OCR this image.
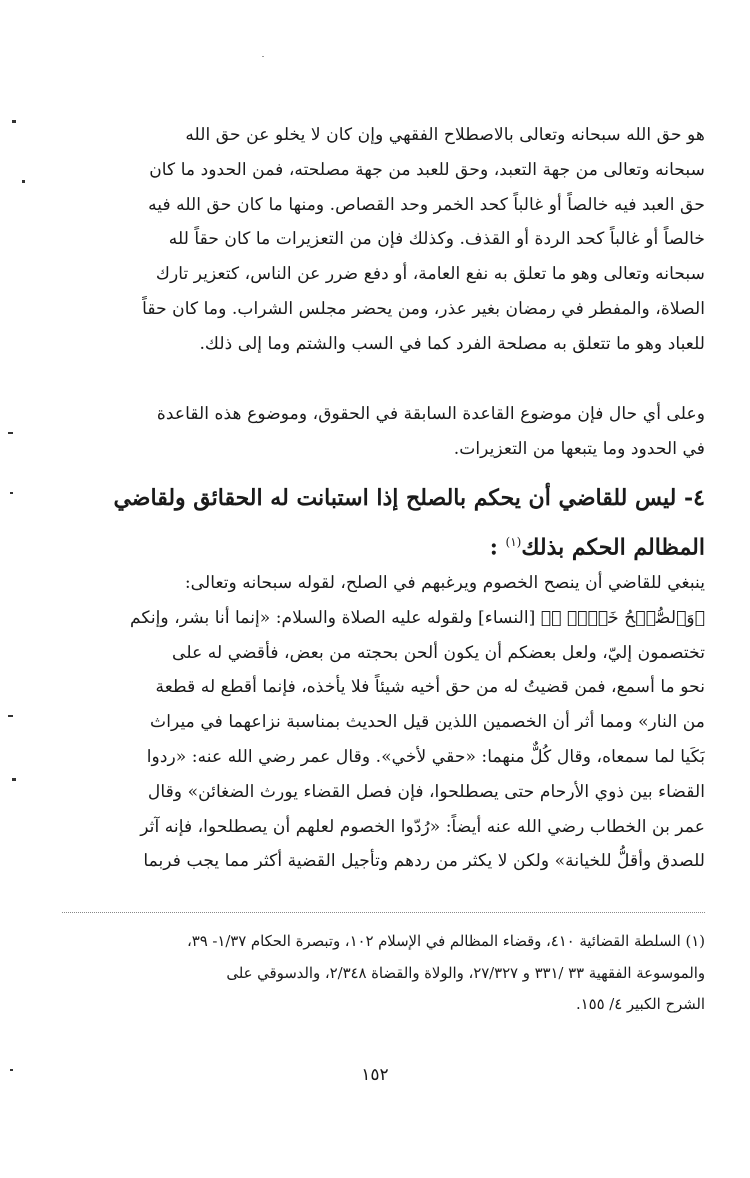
هو حق الله سبحانه وتعالى بالاصطلاح الفقهي وإن كان لا يخلو عن حق الله
سبحانه وتعالى من جهة التعبد، وحق للعبد من جهة مصلحته، فمن الحدود ما كان
حق العبد فيه خالصاً أو غالباً كحد الخمر وحد القصاص. ومنها ما كان حق الله فيه
خالصاً أو غالباً كحد الردة أو القذف. وكذلك فإن من التعزيرات ما كان حقاً لله
سبحانه وتعالى وهو ما تعلق به نفع العامة، أو دفع ضرر عن الناس، كتعزير تارك
الصلاة، والمفطر في رمضان بغير عذر، ومن يحضر مجلس الشراب. وما كان حقاً
للعباد وهو ما تتعلق به مصلحة الفرد كما في السب والشتم وما إلى ذلك.
وعلى أي حال فإن موضوع القاعدة السابقة في الحقوق، وموضوع هذه القاعدة
في الحدود وما يتبعها من التعزيرات.
٤- ليس للقاضي أن يحكم بالصلح إذا استبانت له الحقائق ولقاضي
المظالم الحكم بذلك$^{(١)}$ :
ينبغي للقاضي أن ينصح الخصوم ويرغبهم في الصلح، لقوله سبحانه وتعالى:
﴿وَٱلصُّلۡحُ خَيۡرٞ ۗ﴾ [النساء] ولقوله عليه الصلاة والسلام: «إنما أنا بشر، وإنكم
تختصمون إليّ، ولعل بعضكم أن يكون ألحن بحجته من بعض، فأقضي له على
نحو ما أسمع، فمن قضيتُ له من حق أخيه شيئاً فلا يأخذه، فإنما أقطع له قطعة
من النار» ومما أثر أن الخصمين اللذين قيل الحديث بمناسبة نزاعهما في ميراث
بَكَيا لما سمعاه، وقال كُلٌّ منهما: «حقي لأخي». وقال عمر رضي الله عنه: «ردوا
القضاء بين ذوي الأرحام حتى يصطلحوا، فإن فصل القضاء يورث الضغائن» وقال
عمر بن الخطاب رضي الله عنه أيضاً: «رُدّوا الخصوم لعلهم أن يصطلحوا، فإنه آثر
للصدق وأقلُّ للخيانة» ولكن لا يكثر من ردهم وتأجيل القضية أكثر مما يجب فربما
(١) السلطة القضائية ٤١٠، وقضاء المظالم في الإسلام ١٠٢، وتبصرة الحكام ١/٣٧- ٣٩،
والموسوعة الفقهية ٣٣ /٣٣١ و ٢٧/٣٢٧، والولاة والقضاة ٢/٣٤٨، والدسوقي على
الشرح الكبير ٤/ ١٥٥.
١٥٢
